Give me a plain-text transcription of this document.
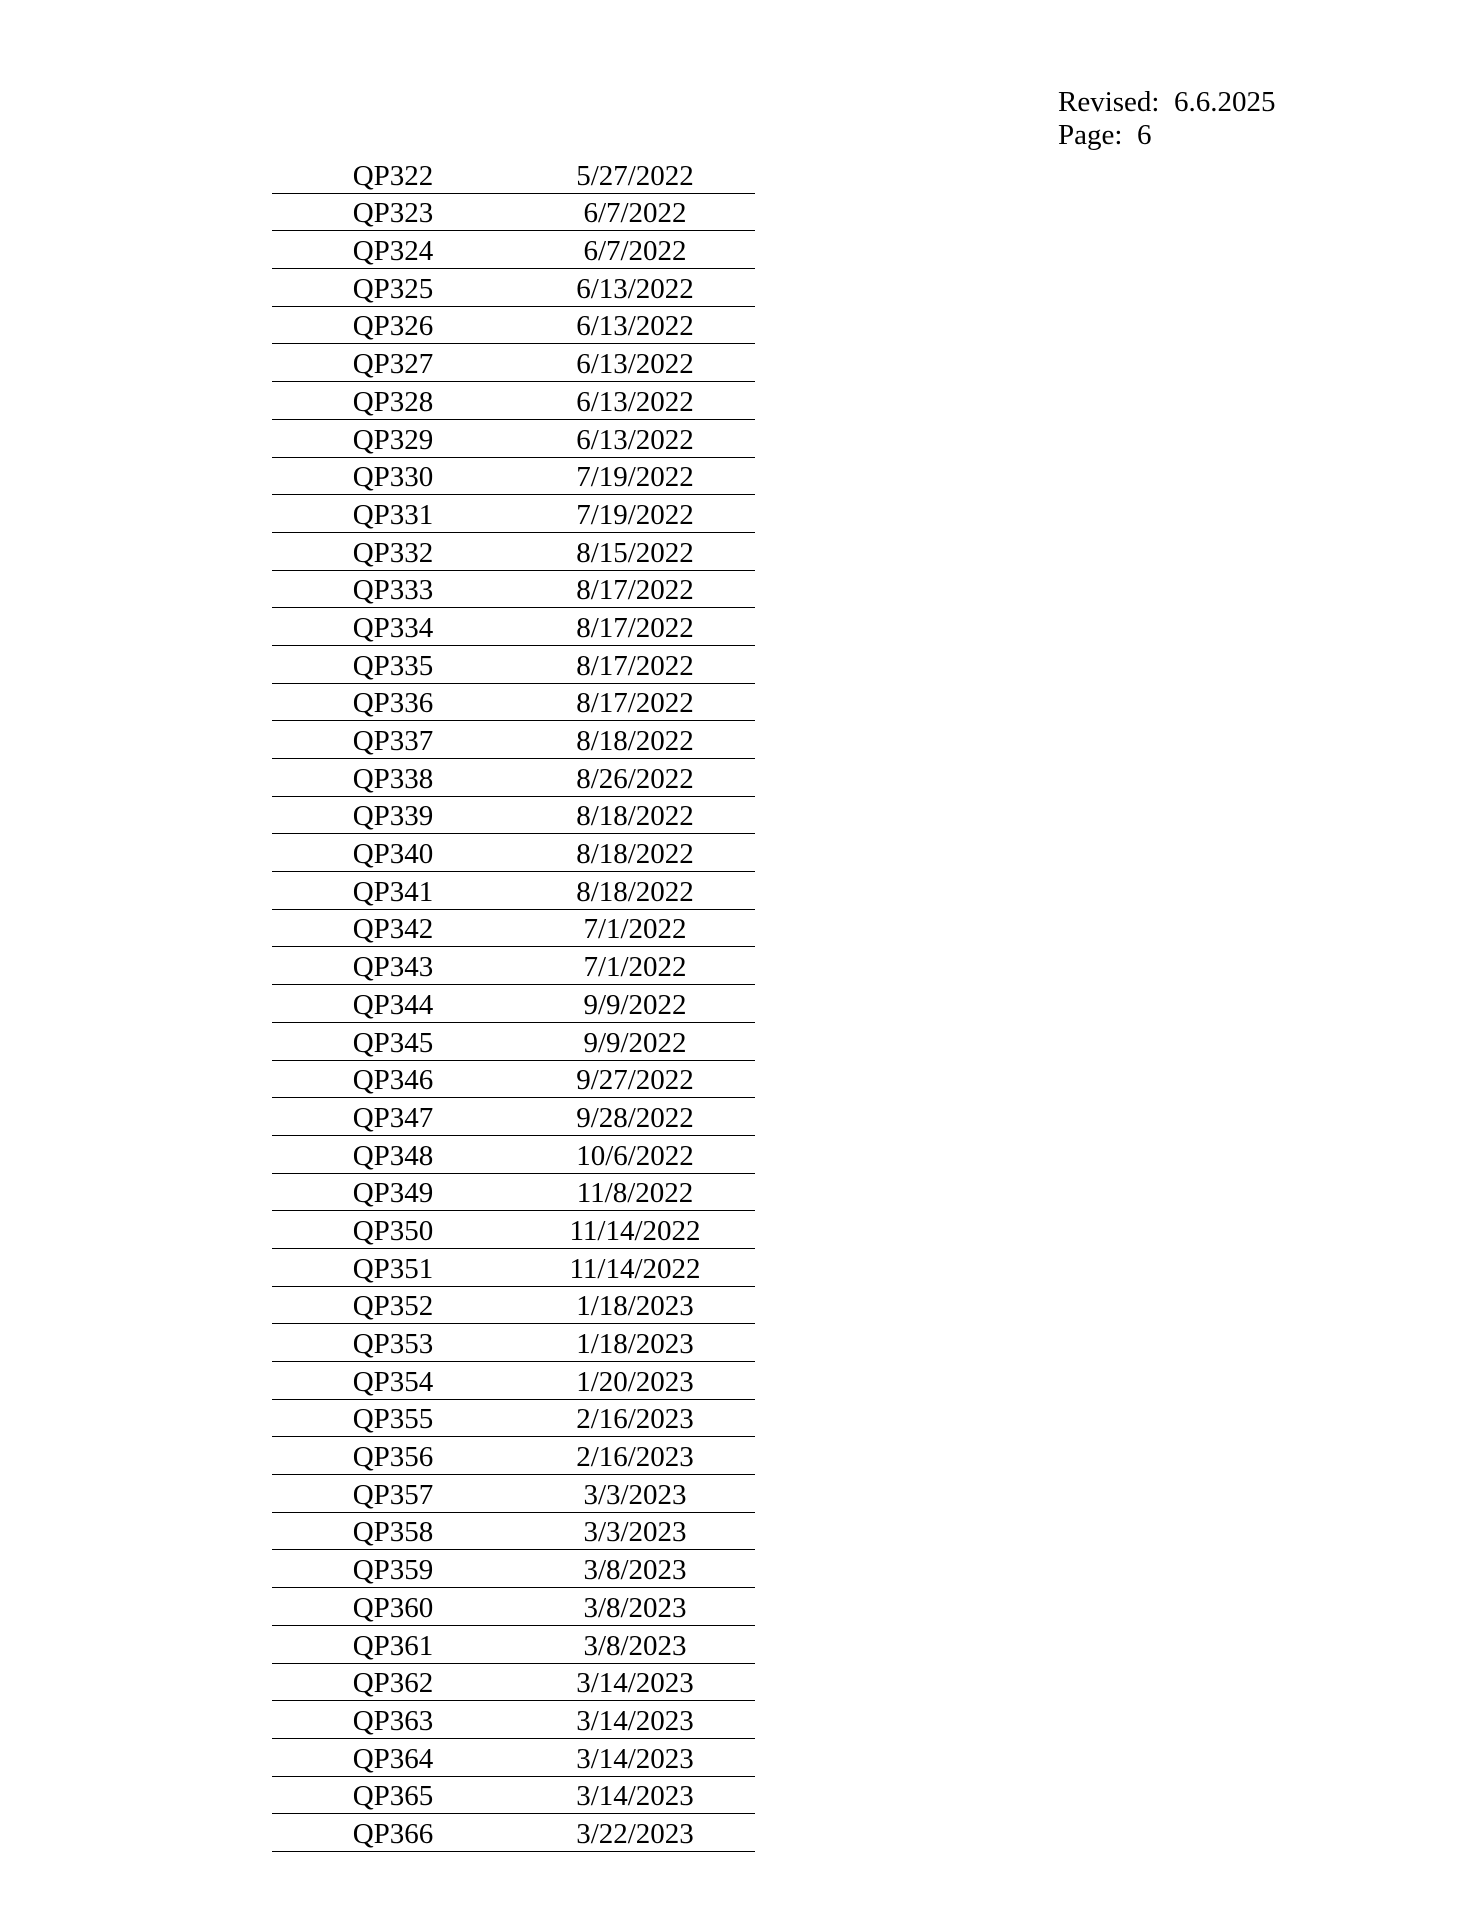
Revised: 6.6.2025
Page: 6
QP322	5/27/2022
QP323	6/7/2022
QP324	6/7/2022
QP325	6/13/2022
QP326	6/13/2022
QP327	6/13/2022
QP328	6/13/2022
QP329	6/13/2022
QP330	7/19/2022
QP331	7/19/2022
QP332	8/15/2022
QP333	8/17/2022
QP334	8/17/2022
QP335	8/17/2022
QP336	8/17/2022
QP337	8/18/2022
QP338	8/26/2022
QP339	8/18/2022
QP340	8/18/2022
QP341	8/18/2022
QP342	7/1/2022
QP343	7/1/2022
QP344	9/9/2022
QP345	9/9/2022
QP346	9/27/2022
QP347	9/28/2022
QP348	10/6/2022
QP349	11/8/2022
QP350	11/14/2022
QP351	11/14/2022
QP352	1/18/2023
QP353	1/18/2023
QP354	1/20/2023
QP355	2/16/2023
QP356	2/16/2023
QP357	3/3/2023
QP358	3/3/2023
QP359	3/8/2023
QP360	3/8/2023
QP361	3/8/2023
QP362	3/14/2023
QP363	3/14/2023
QP364	3/14/2023
QP365	3/14/2023
QP366	3/22/2023
